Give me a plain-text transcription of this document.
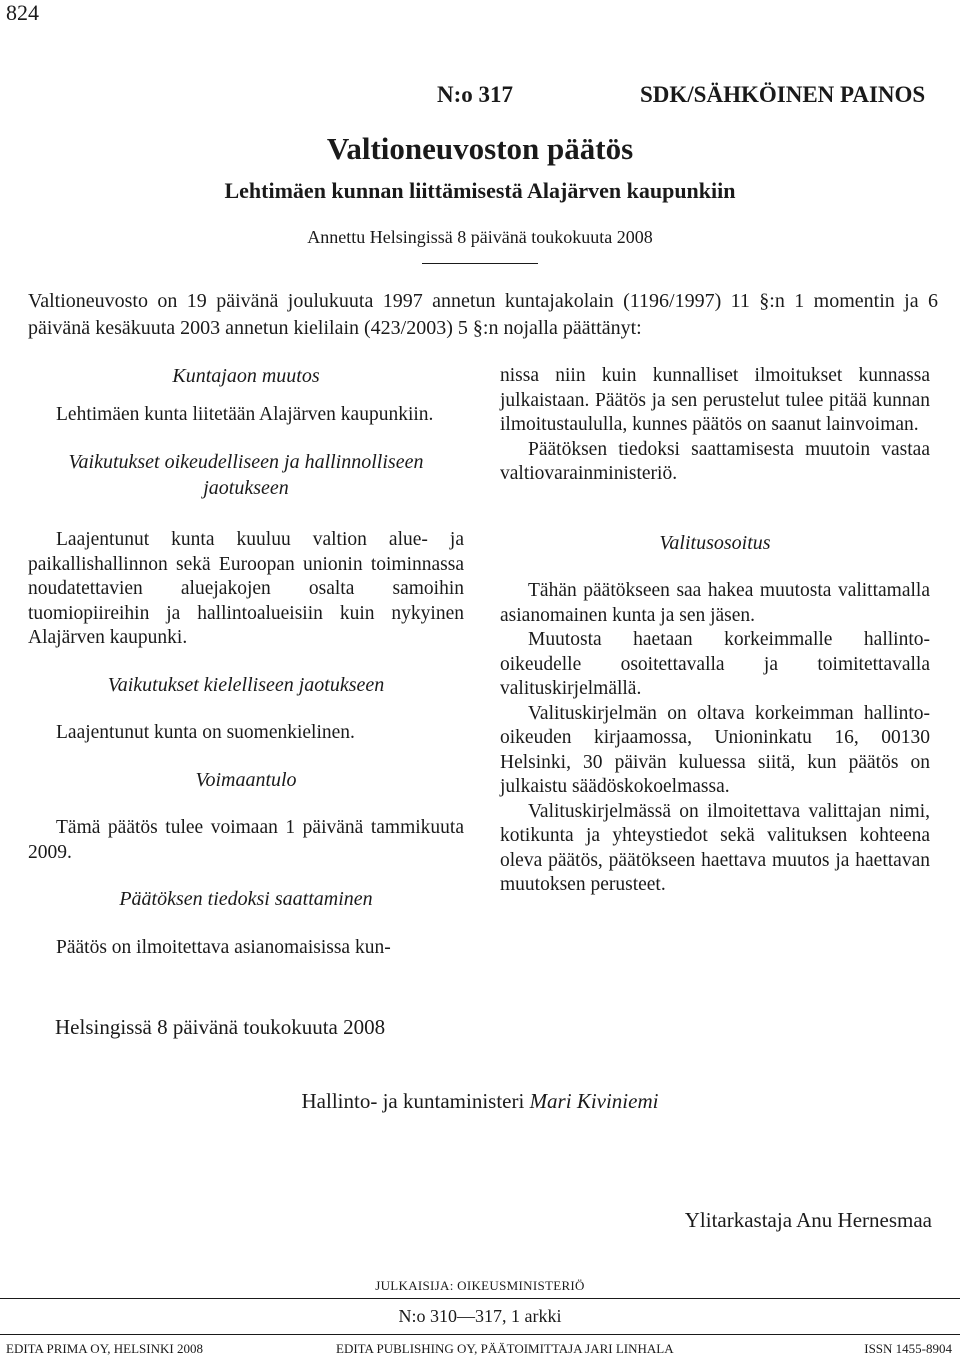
824
N:o 317	SDK/SÄHKÖINEN PAINOS
Valtioneuvoston päätös
Lehtimäen kunnan liittämisestä Alajärven kaupunkiin
Annettu Helsingissä 8 päivänä toukokuuta 2008
Valtioneuvosto on 19 päivänä joulukuuta 1997 annetun kuntajakolain (1196/1997) 11 §:n 1 momentin ja 6 päivänä kesäkuuta 2003 annetun kielilain (423/2003) 5 §:n nojalla päättänyt:
Kuntajaon muutos

Lehtimäen kunta liitetään Alajärven kaupunkiin.

Vaikutukset oikeudelliseen ja hallinnolliseen jaotukseen

Laajentunut kunta kuuluu valtion alue- ja paikallishallinnon sekä Euroopan unionin toiminnassa noudatettavien aluejakojen osalta samoihin tuomiopiireihin ja hallintoalueisiin kuin nykyinen Alajärven kaupunki.

Vaikutukset kielelliseen jaotukseen

Laajentunut kunta on suomenkielinen.

Voimaantulo

Tämä päätös tulee voimaan 1 päivänä tammikuuta 2009.

Päätöksen tiedoksi saattaminen

Päätös on ilmoitettava asianomaisissa kun-

nissa niin kuin kunnalliset ilmoitukset kunnassa julkaistaan. Päätös ja sen perustelut tulee pitää kunnan ilmoitustaululla, kunnes päätös on saanut lainvoiman.

Päätöksen tiedoksi saattamisesta muutoin vastaa valtiovarainministeriö.

Valitusosoitus

Tähän päätökseen saa hakea muutosta valittamalla asianomainen kunta ja sen jäsen.

Muutosta haetaan korkeimmalle hallinto-oikeudelle osoitettavalla ja toimitettavalla valituskirjelmällä.

Valituskirjelmän on oltava korkeimman hallinto-oikeuden kirjaamossa, Unioninkatu 16, 00130 Helsinki, 30 päivän kuluessa siitä, kun päätös on julkaistu säädöskokoelmassa.

Valituskirjelmässä on ilmoitettava valittajan nimi, kotikunta ja yhteystiedot sekä valituksen kohteena oleva päätös, päätökseen haettava muutos ja haettavan muutoksen perusteet.

Helsingissä 8 päivänä toukokuuta 2008
Hallinto- ja kuntaministeri Mari Kiviniemi
Ylitarkastaja Anu Hernesmaa
JULKAISIJA: OIKEUSMINISTERIÖ
N:o 310—317, 1 arkki
EDITA PRIMA OY, HELSINKI 2008	EDITA PUBLISHING OY, PÄÄTOIMITTAJA JARI LINHALA	ISSN 1455-8904
